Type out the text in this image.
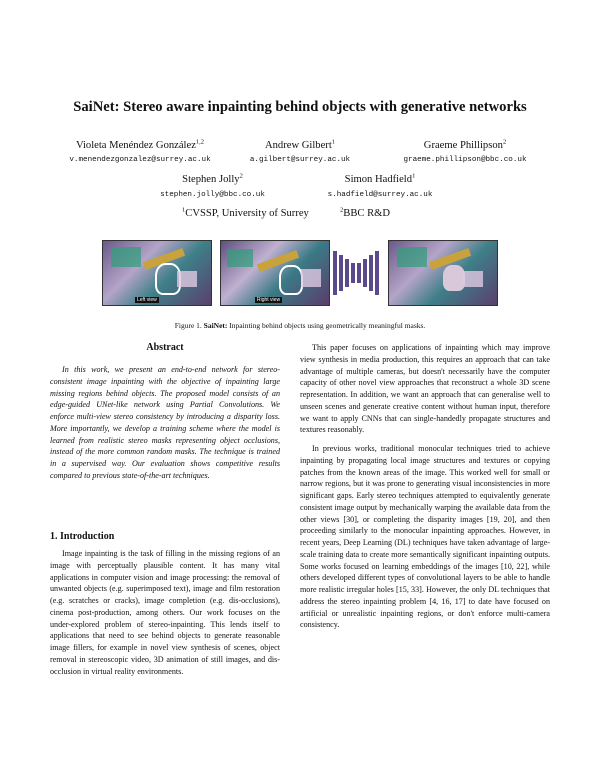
SaiNet: Stereo aware inpainting behind objects with generative networks
Violeta Menéndez González$^{1,2}$
v.menendezgonzalez@surrey.ac.uk
Andrew Gilbert$^1$
a.gilbert@surrey.ac.uk
Graeme Phillipson$^2$
graeme.phillipson@bbc.co.uk
Stephen Jolly$^2$
stephen.jolly@bbc.co.uk
Simon Hadfield$^1$
s.hadfield@surrey.ac.uk
$^1$CVSSP, University of Surrey	$^2$BBC R&D
Left view	Right view
Figure 1. SaiNet: Inpainting behind objects using geometrically meaningful masks.
Abstract

In this work, we present an end-to-end network for stereo-consistent image inpainting with the objective of inpainting large missing regions behind objects. The proposed model consists of an edge-guided UNet-like network using Partial Convolutions. We enforce multi-view stereo consistency by introducing a disparity loss. More importantly, we develop a training scheme where the model is learned from realistic stereo masks representing object occlusions, instead of the more common random masks. The technique is trained in a supervised way. Our evaluation shows competitive results compared to previous state-of-the-art techniques.

1. Introduction

Image inpainting is the task of filling in the missing regions of an image with perceptually plausible content. It has many vital applications in computer vision and image processing: the removal of unwanted objects (e.g. superimposed text), image and film restoration (e.g. scratches or cracks), image completion (e.g. dis-occlusions), cinema post-production, among others. Our work focuses on the under-explored problem of stereo-inpainting. This lends itself to applications that need to see behind objects to generate reasonable image fillers, for example in novel view synthesis of scenes, object removal in stereoscopic video, 3D animation of still images, and dis-occlusion in virtual reality environments.

This paper focuses on applications of inpainting which may improve view synthesis in media production, this requires an approach that can take advantage of multiple cameras, but doesn't necessarily have the computer capacity of other novel view approaches that reconstruct a whole 3D scene representation. In addition, we want an approach that can generalise well to unseen scenes and generate creative content without human input, therefore we want to apply CNNs that can single-handedly propagate structures and textures reasonably.

In previous works, traditional monocular techniques tried to achieve inpainting by propagating local image structures and textures or copying patches from the known areas of the image. This worked well for small or narrow regions, but it was prone to generating visual inconsistencies in more significant gaps. Early stereo techniques attempted to equivalently generate consistent image output by mechanically warping the available data from the other views [30], or completing the disparity images [19, 20], and then proceeding similarly to the monocular inpainting approaches. However, in recent years, Deep Learning (DL) techniques have taken advantage of large-scale training data to create more semantically significant inpainting outputs. Some works focused on learning embeddings of the images [10, 22], while others developed different types of convolutional layers to be able to handle more realistic irregular holes [15, 33]. However, the only DL techniques that address the stereo inpainting problem [4, 16, 17] to date have focused on artificial or unrealistic inpainting regions, or don't enforce multi-camera consistency.
